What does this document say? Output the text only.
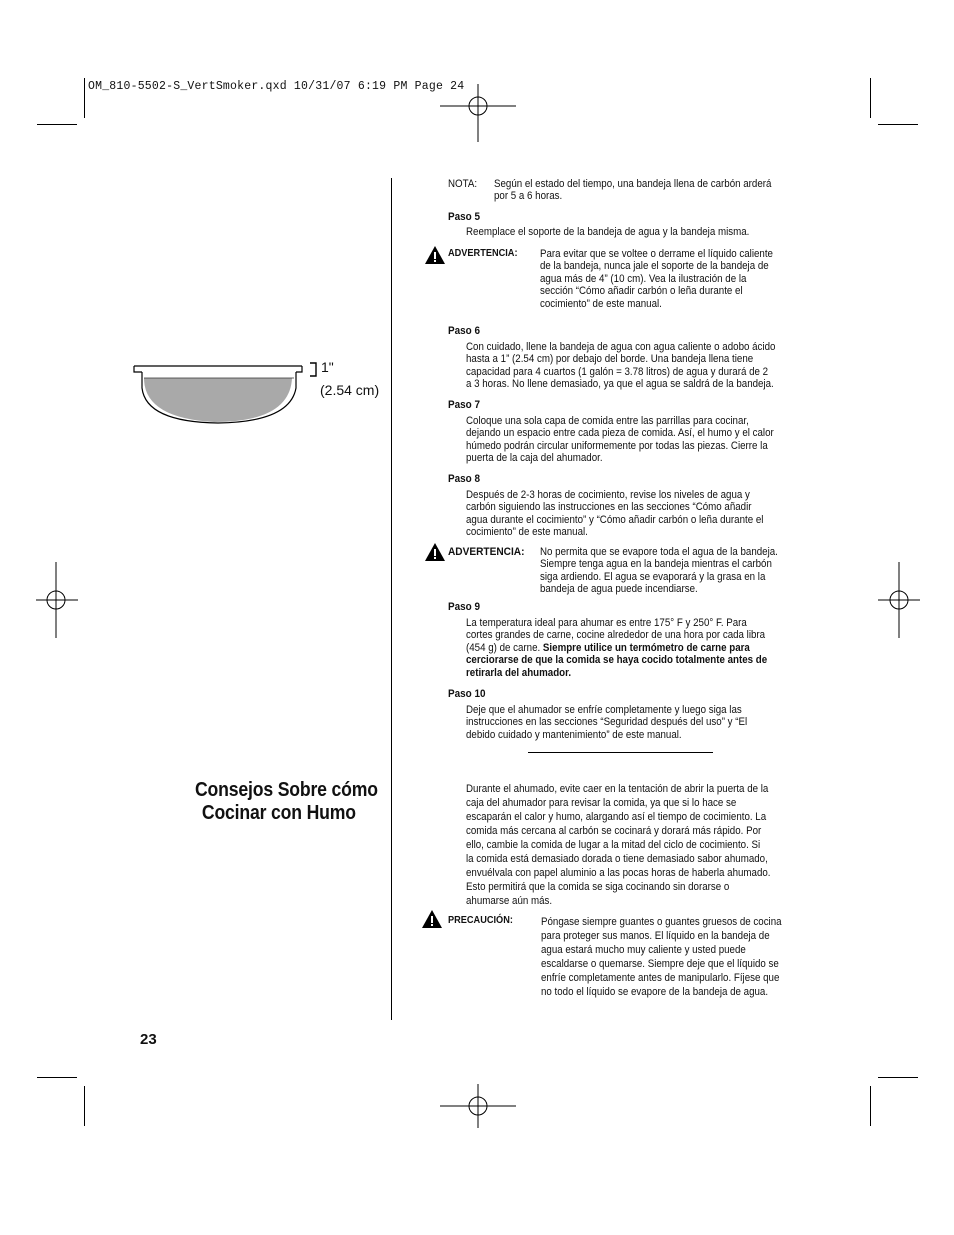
OM_810-5502-S_VertSmoker.qxd 10/31/07 6:19 PM Page 24
1"
(2.54 cm)
NOTA: Según el estado del tiempo, una bandeja llena de carbón arderá
por 5 a 6 horas.
Paso 5
Reemplace el soporte de la bandeja de agua y la bandeja misma.
ADVERTENCIA: Para evitar que se voltee o derrame el líquido caliente
de la bandeja, nunca jale el soporte de la bandeja de
agua más de 4” (10 cm). Vea la ilustración de la
sección “Cómo añadir carbón o leña durante el
cocimiento” de este manual.
Paso 6
Con cuidado, llene la bandeja de agua con agua caliente o adobo ácido
hasta a 1” (2.54 cm) por debajo del borde. Una bandeja llena tiene
capacidad para 4 cuartos (1 galón = 3.78 litros) de agua y durará de 2
a 3 horas. No llene demasiado, ya que el agua se saldrá de la bandeja.
Paso 7
Coloque una sola capa de comida entre las parrillas para cocinar,
dejando un espacio entre cada pieza de comida. Así, el humo y el calor
húmedo podrán circular uniformemente por todas las piezas. Cierre la
puerta de la caja del ahumador.
Paso 8
Después de 2-3 horas de cocimiento, revise los niveles de agua y
carbón siguiendo las instrucciones en las secciones “Cómo añadir
agua durante el cocimiento” y “Cómo añadir carbón o leña durante el
cocimiento” de este manual.
ADVERTENCIA: No permita que se evapore toda el agua de la bandeja.
Siempre tenga agua en la bandeja mientras el carbón
siga ardiendo. El agua se evaporará y la grasa en la
bandeja de agua puede incendiarse.
Paso 9
La temperatura ideal para ahumar es entre 175° F y 250° F. Para
cortes grandes de carne, cocine alrededor de una hora por cada libra
(454 g) de carne. Siempre utilice un termómetro de carne para
cerciorarse de que la comida se haya cocido totalmente antes de
retirarla del ahumador.
Paso 10
Deje que el ahumador se enfríe completamente y luego siga las
instrucciones en las secciones “Seguridad después del uso” y “El
debido cuidado y mantenimiento” de este manual.
Consejos Sobre cómo
Cocinar con Humo
Durante el ahumado, evite caer en la tentación de abrir la puerta de la
caja del ahumador para revisar la comida, ya que si lo hace se
escaparán el calor y humo, alargando así el tiempo de cocimiento. La
comida más cercana al carbón se cocinará y dorará más rápido. Por
ello, cambie la comida de lugar a la mitad del ciclo de cocimiento. Si
la comida está demasiado dorada o tiene demasiado sabor ahumado,
envuélvala con papel aluminio a las pocas horas de haberla ahumado.
Esto permitirá que la comida se siga cocinando sin dorarse o
ahumarse aún más.
PRECAUCIÓN:	Póngase siempre guantes o guantes gruesos de cocina
para proteger sus manos. El líquido en la bandeja de
agua estará mucho muy caliente y usted puede
escaldarse o quemarse. Siempre deje que el líquido se
enfríe completamente antes de manipularlo. Fíjese que
no todo el líquido se evapore de la bandeja de agua.
23
